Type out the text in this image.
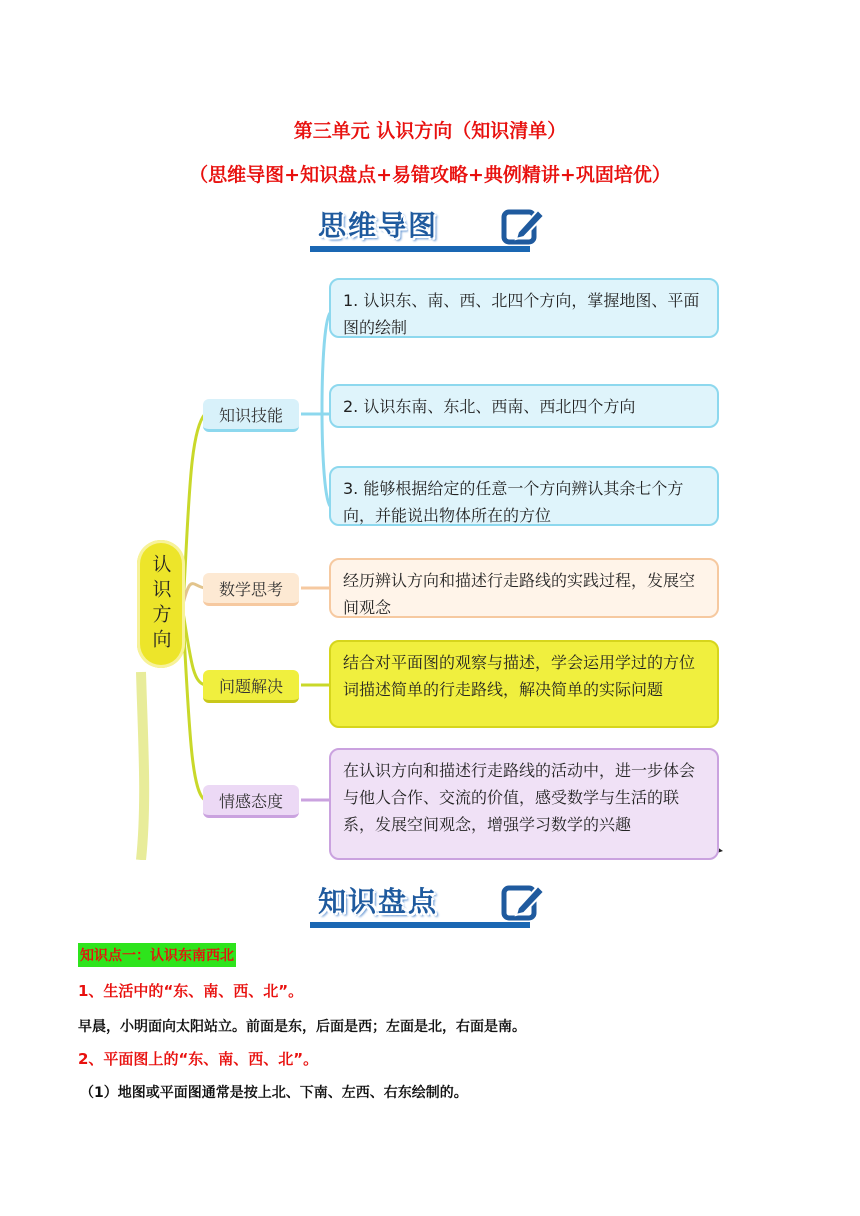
第三单元 认识方向（知识清单）
（思维导图+知识盘点+易错攻略+典例精讲+巩固培优）
思维导图
认识方向
知识技能
1. 认识东、南、西、北四个方向，掌握地图、平面图的绘制
2. 认识东南、东北、西南、西北四个方向
3. 能够根据给定的任意一个方向辨认其余七个方向，并能说出物体所在的方位
数学思考	经历辨认方向和描述行走路线的实践过程，发展空间观念
问题解决
结合对平面图的观察与描述，学会运用学过的方位词描述简单的行走路线，解决简单的实际问题
情感态度
在认识方向和描述行走路线的活动中，进一步体会与他人合作、交流的价值，感受数学与生活的联系，发展空间观念，增强学习数学的兴趣
知识盘点
知识点一：认识东南西北
1、生活中的“东、南、西、北”。
早晨，小明面向太阳站立。前面是东，后面是西；左面是北，右面是南。
2、平面图上的“东、南、西、北”。
（1）地图或平面图通常是按上北、下南、左西、右东绘制的。
